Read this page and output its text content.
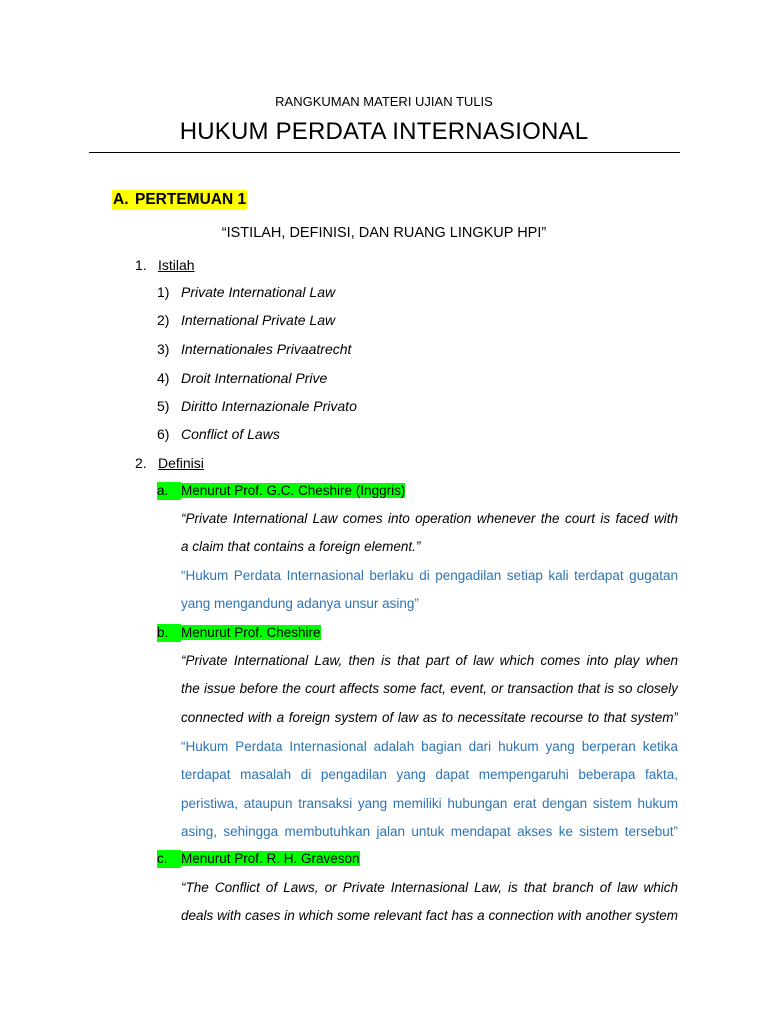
RANGKUMAN MATERI UJIAN TULIS
HUKUM PERDATA INTERNASIONAL
A. PERTEMUAN 1
“ISTILAH, DEFINISI, DAN RUANG LINGKUP HPI”
1. Istilah
1) Private International Law
2) International Private Law
3) Internationales Privaatrecht
4) Droit International Prive
5) Diritto Internazionale Privato
6) Conflict of Laws
2. Definisi
a. Menurut Prof. G.C. Cheshire (Inggris)
“Private International Law comes into operation whenever the court is faced with
a claim that contains a foreign element.”
“Hukum Perdata Internasional berlaku di pengadilan setiap kali terdapat gugatan
yang mengandung adanya unsur asing”
b. Menurut Prof. Cheshire
“Private International Law, then is that part of law which comes into play when
the issue before the court affects some fact, event, or transaction that is so closely
connected with a foreign system of law as to necessitate recourse to that system”
“Hukum Perdata Internasional adalah bagian dari hukum yang berperan ketika
terdapat masalah di pengadilan yang dapat mempengaruhi beberapa fakta,
peristiwa, ataupun transaksi yang memiliki hubungan erat dengan sistem hukum
asing, sehingga membutuhkan jalan untuk mendapat akses ke sistem tersebut”
c. Menurut Prof. R. H. Graveson
“The Conflict of Laws, or Private Internasional Law, is that branch of law which
deals with cases in which some relevant fact has a connection with another system
